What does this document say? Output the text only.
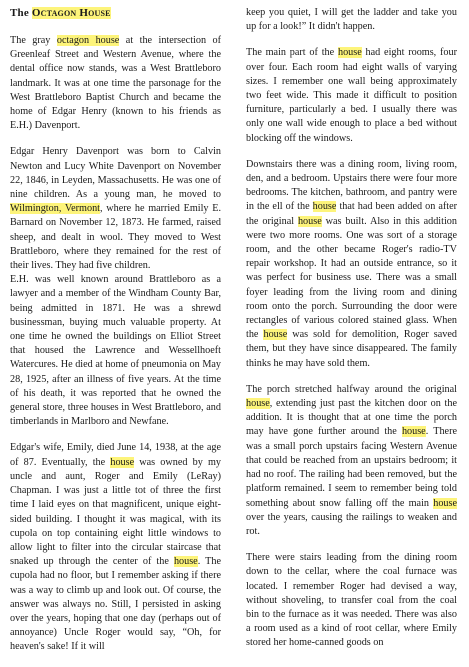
The Octagon House

The gray octagon house at the intersection of Greenleaf Street and Western Avenue, where the dental office now stands, was a West Brattleboro landmark. It was at one time the parsonage for the West Brattleboro Baptist Church and became the home of Edgar Henry (known to his friends as E.H.) Davenport.

Edgar Henry Davenport was born to Calvin Newton and Lucy White Davenport on November 22, 1846, in Leyden, Massachusetts. He was one of nine children. As a young man, he moved to Wilmington, Vermont, where he married Emily E. Barnard on November 12, 1873. He farmed, raised sheep, and dealt in wool. They moved to West Brattleboro, where they remained for the rest of their lives. They had five children.

E.H. was well known around Brattleboro as a lawyer and a member of the Windham County Bar, being admitted in 1871. He was a shrewd businessman, buying much valuable property. At one time he owned the buildings on Elliot Street that housed the Lawrence and Wessellhoeft Watercures. He died at home of pneumonia on May 28, 1925, after an illness of five years. At the time of his death, it was reported that he owned the general store, three houses in West Brattleboro, and timberlands in Marlboro and Newfane.

Edgar's wife, Emily, died June 14, 1938, at the age of 87. Eventually, the house was owned by my uncle and aunt, Roger and Emily (LeRay) Chapman. I was just a little tot of three the first time I laid eyes on that magnificent, unique eight-sided building. I thought it was magical, with its cupola on top containing eight little windows to allow light to filter into the circular staircase that snaked up through the center of the house. The cupola had no floor, but I remember asking if there was a way to climb up and look out. Of course, the answer was always no. Still, I persisted in asking over the years, hoping that one day (perhaps out of annoyance) Uncle Roger would say, “Oh, for heaven's sake! If it will

keep you quiet, I will get the ladder and take you up for a look!” It didn't happen.

The main part of the house had eight rooms, four over four. Each room had eight walls of varying sizes. I remember one wall being approximately two feet wide. This made it difficult to position furniture, particularly a bed. I usually there was only one wall wide enough to place a bed without blocking off the windows.

Downstairs there was a dining room, living room, den, and a bedroom. Upstairs there were four more bedrooms. The kitchen, bathroom, and pantry were in the ell of the house that had been added on after the original house was built. Also in this addition were two more rooms. One was sort of a storage room, and the other became Roger's radio-TV repair workshop. It had an outside entrance, so it was perfect for business use. There was a small foyer leading from the living room and dining room onto the porch. Surrounding the door were rectangles of various colored stained glass. When the house was sold for demolition, Roger saved them, but they have since disappeared. The family thinks he may have sold them.

The porch stretched halfway around the original house, extending just past the kitchen door on the addition. It is thought that at one time the porch may have gone further around the house. There was a small porch upstairs facing Western Avenue that could be reached from an upstairs bedroom; it had no roof. The railing had been removed, but the platform remained. I seem to remember being told something about snow falling off the main house over the years, causing the railings to weaken and rot.

There were stairs leading from the dining room down to the cellar, where the coal furnace was located. I remember Roger had devised a way, without shoveling, to transfer coal from the coal bin to the furnace as it was needed. There was also a room used as a kind of root cellar, where Emily stored her home-canned goods on
